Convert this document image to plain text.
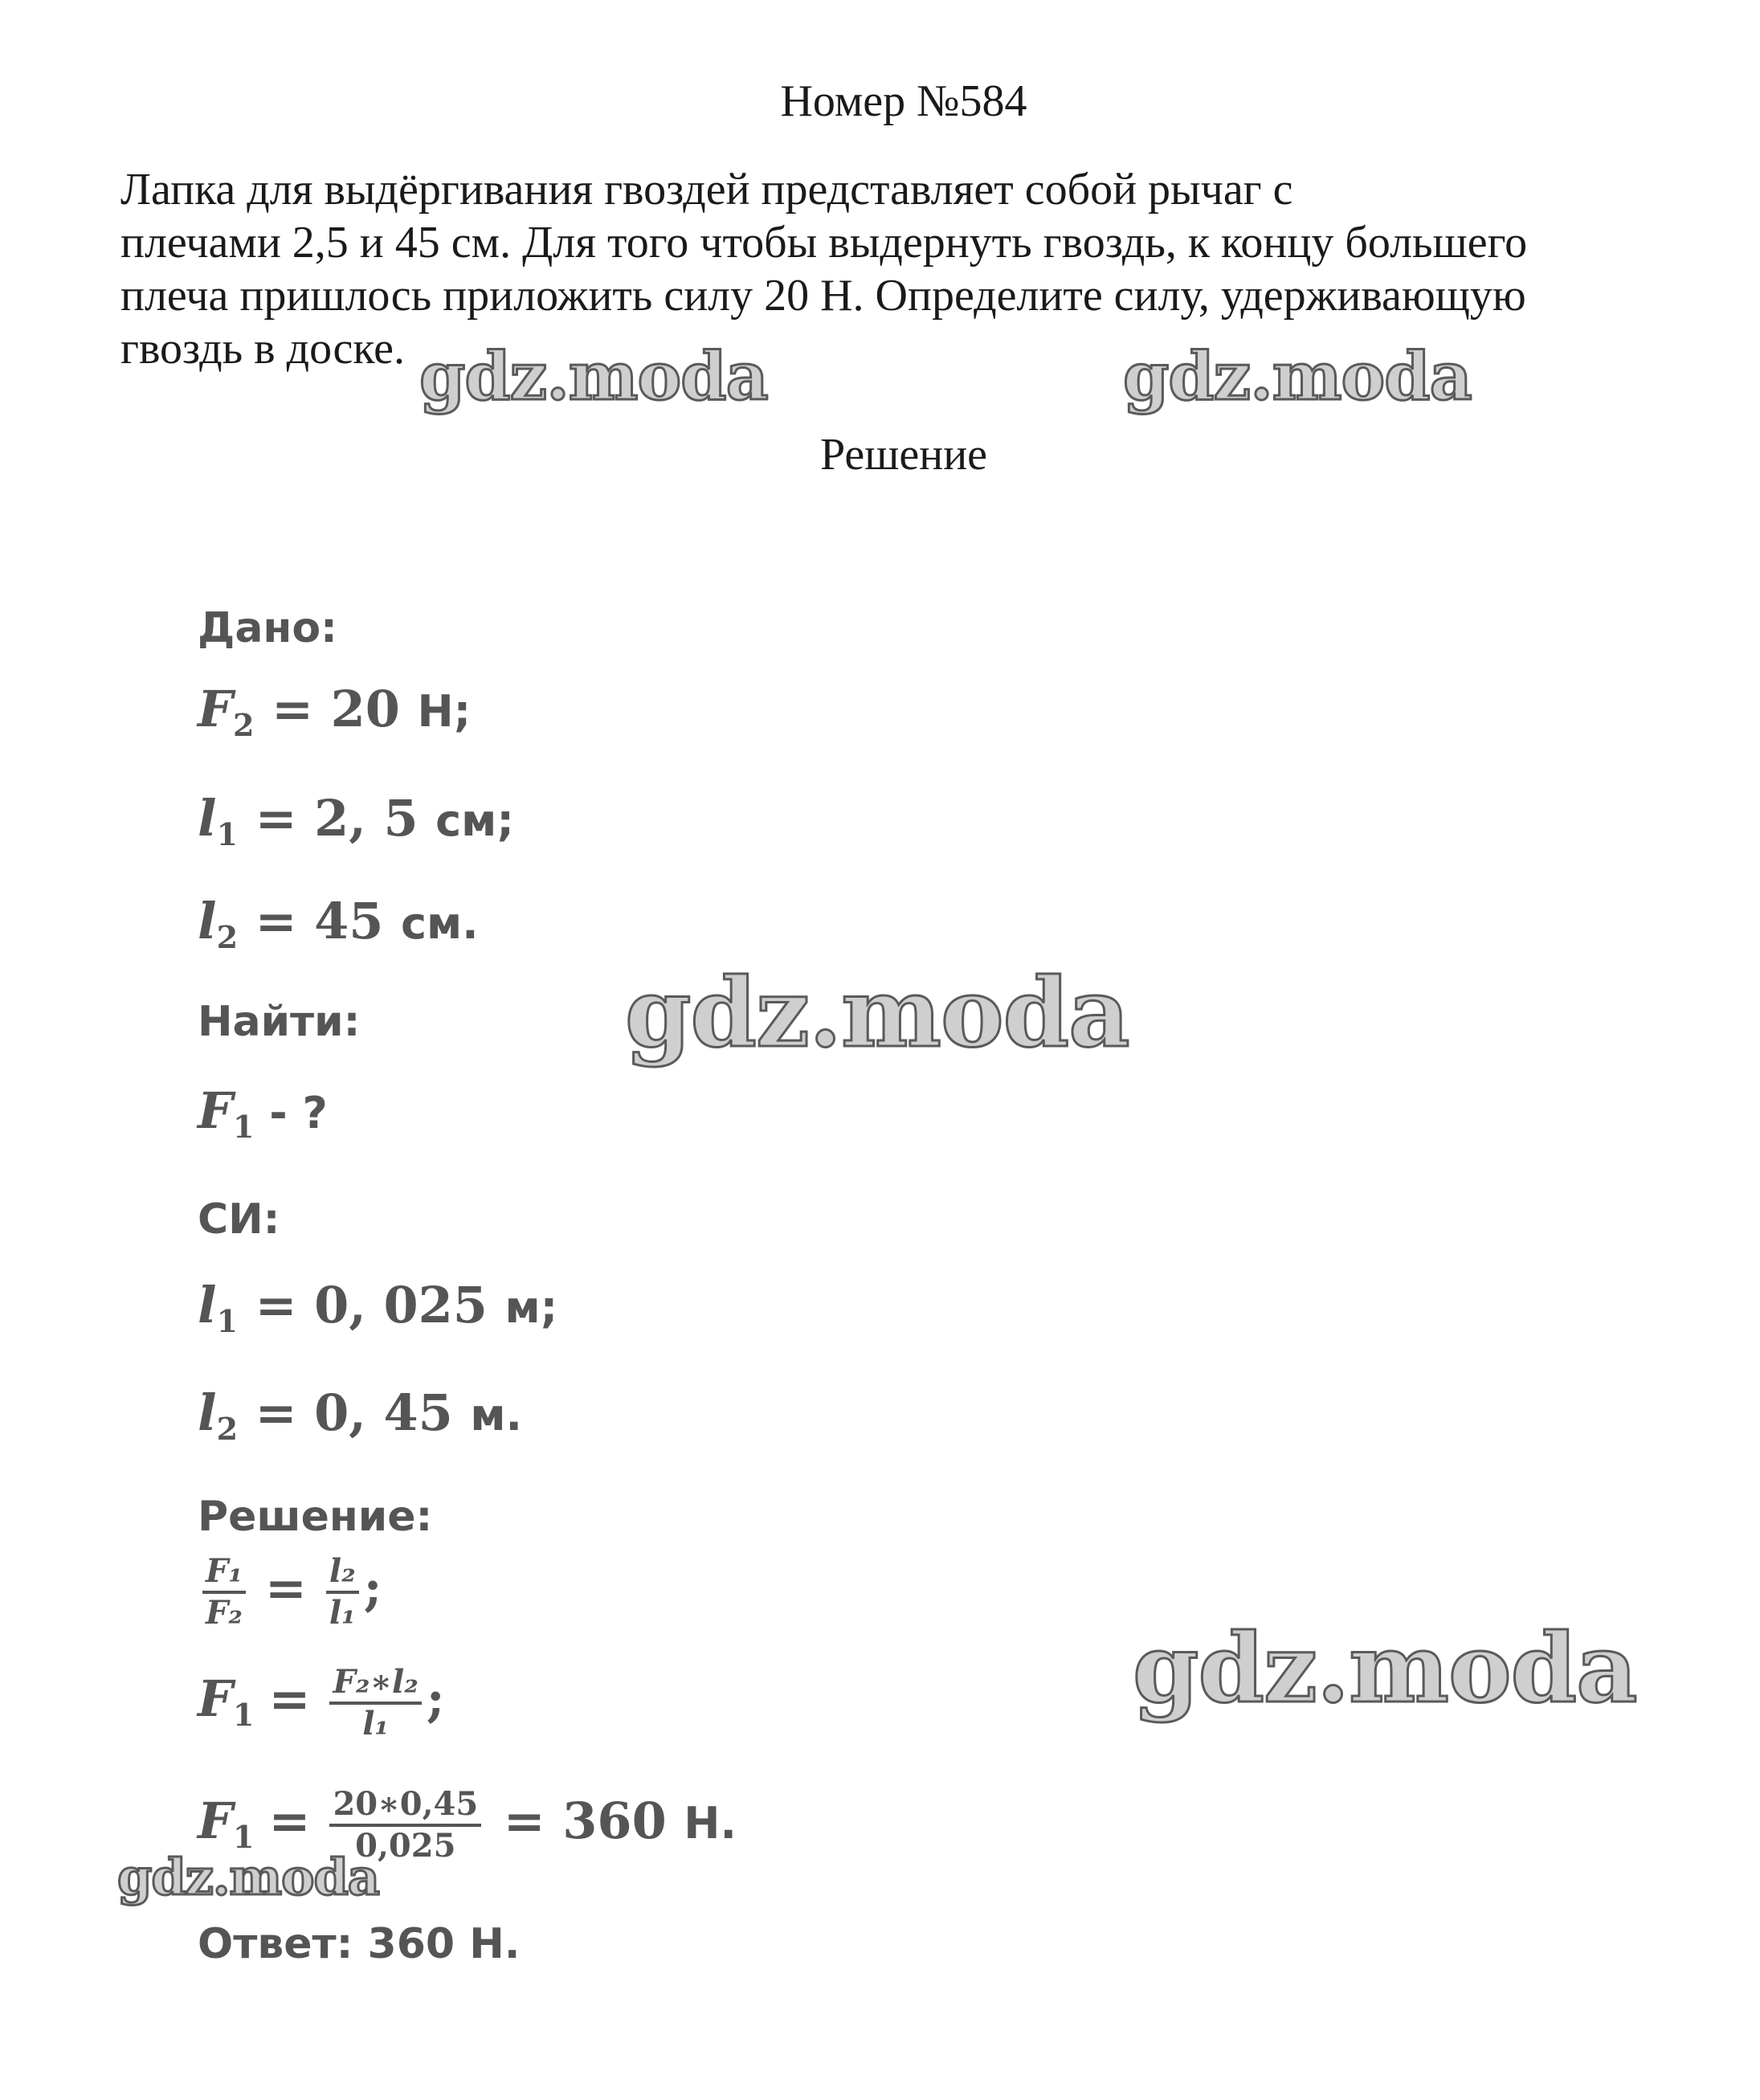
Номер №584
Лапка для выдёргивания гвоздей представляет собой рычаг с
плечами 2,5 и 45 см. Для того чтобы выдернуть гвоздь, к концу большего
плеча пришлось приложить силу 20 Н. Определите силу, удерживающую
гвоздь в доске.
Решение
Дано:
$F_2 = 20$ Н;
$l_1 = 2$, 5 см;
$l_2 = 45$ см.
Найти:
$F_1$ - ?
СИ:
$l_1 = 0$, 025 м;
$l_2 = 0$, 45 м.
Решение:
$\frac{\text{F₁}}{\text{F₂}} = \frac{\text{l₂}}{\text{l₁}}$ ;
$F_1 = \frac{\text{F₂∗l₂}}{\text{l₁}}$ ;
$F_1 = \frac{20∗0,45}{0,025} = 360$ Н.
Ответ: 360 Н.
gdz.moda	gdz.moda
gdz.moda
gdz.moda
gdz.moda
